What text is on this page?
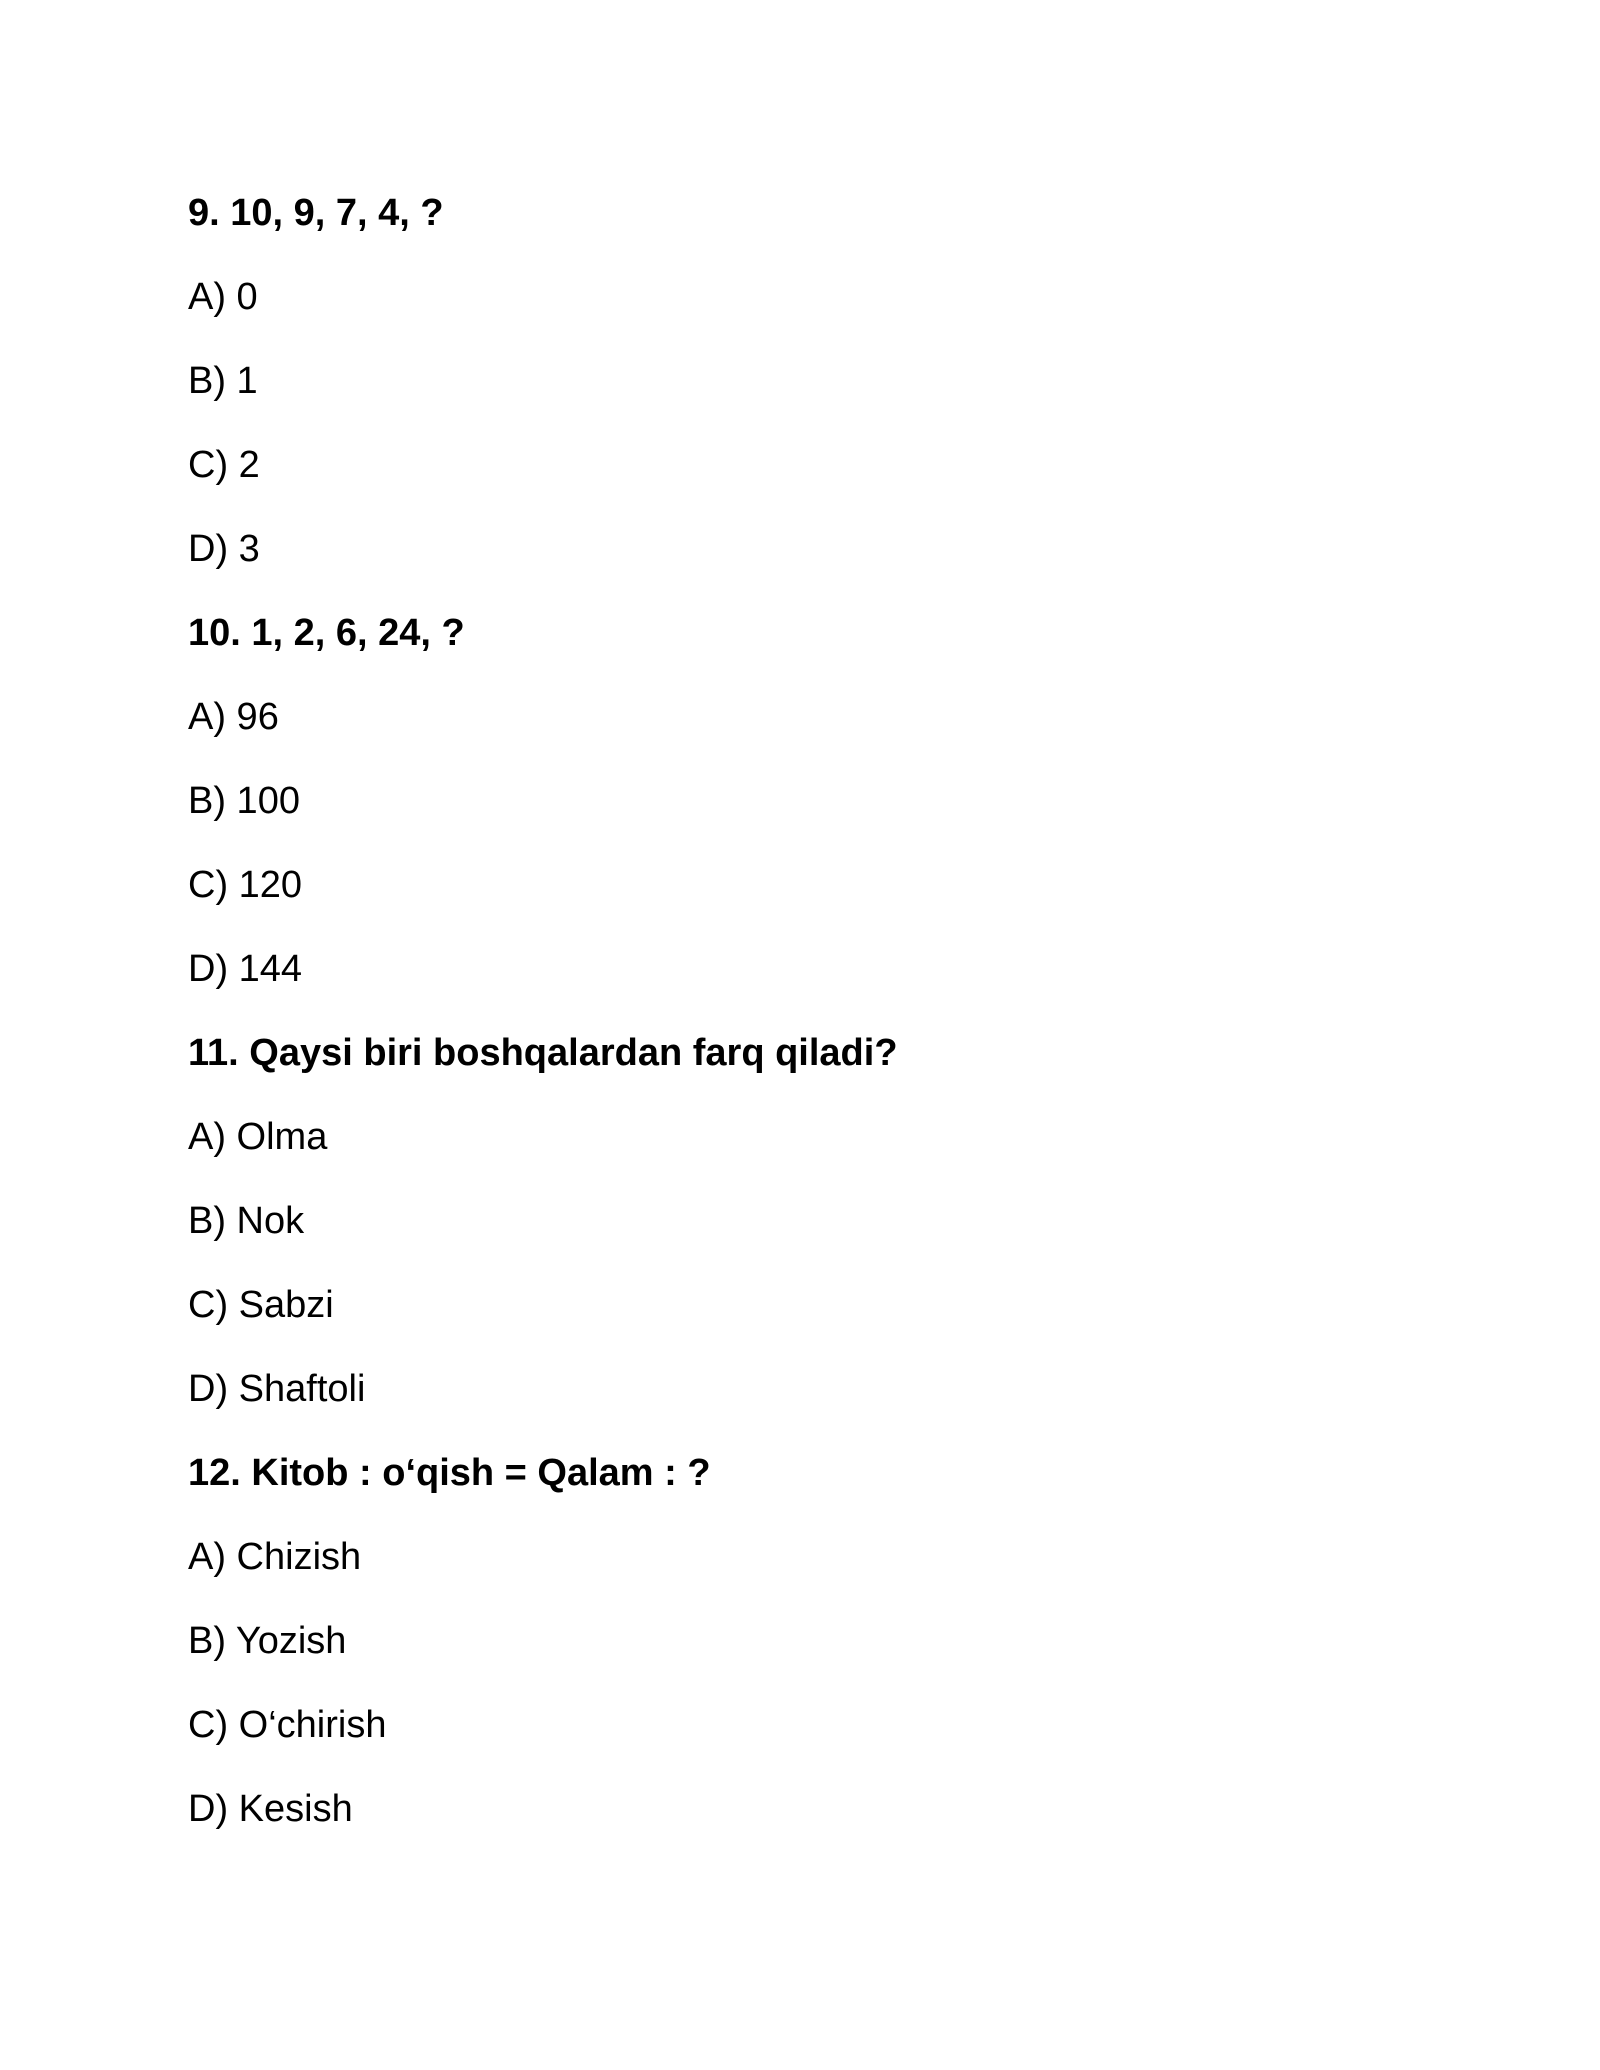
9. 10, 9, 7, 4, ?
A) 0
B) 1
C) 2
D) 3
10. 1, 2, 6, 24, ?
A) 96
B) 100
C) 120
D) 144
11. Qaysi biri boshqalardan farq qiladi?
A) Olma
B) Nok
C) Sabzi
D) Shaftoli
12. Kitob : o‘qish = Qalam : ?
A) Chizish
B) Yozish
C) O‘chirish
D) Kesish
